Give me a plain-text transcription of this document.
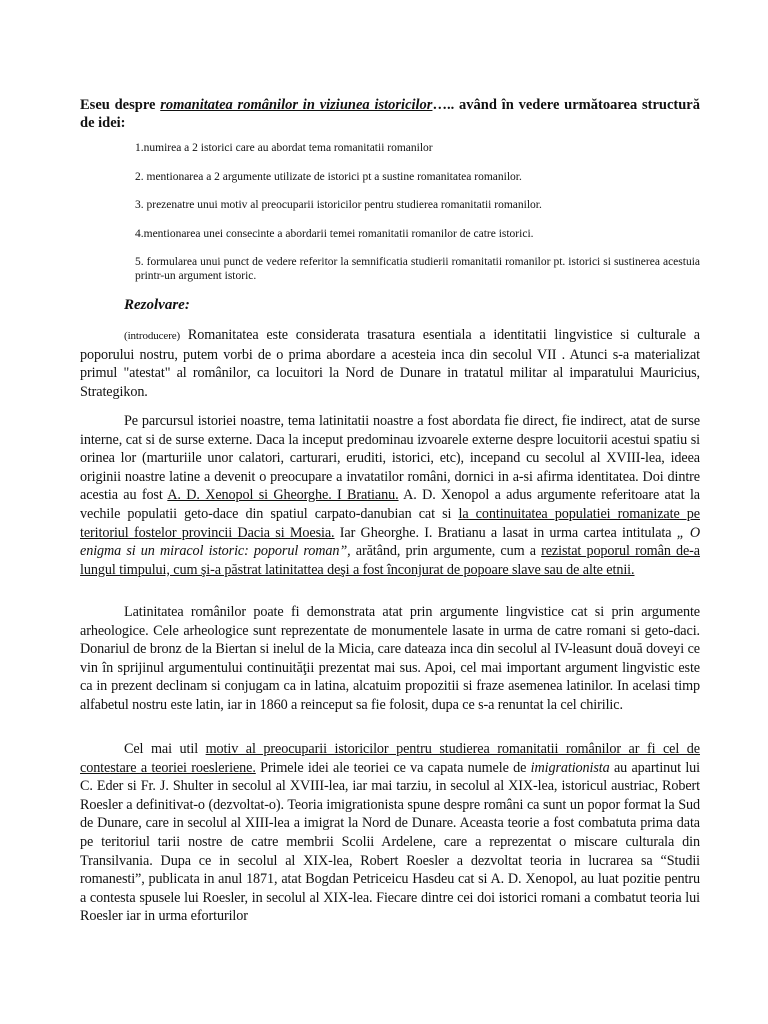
Eseu despre romanitatea românilor in viziunea istoricilor….. având în vedere următoarea structură de idei:
1.numirea a 2 istorici care au abordat tema romanitatii romanilor
2. mentionarea a 2 argumente utilizate de istorici pt a sustine romanitatea romanilor.
3. prezenatre unui motiv al preocuparii istoricilor pentru studierea romanitatii romanilor.
4.mentionarea unei consecinte a abordarii temei romanitatii romanilor de catre istorici.
5. formularea unui punct de vedere referitor la semnificatia studierii romanitatii romanilor pt. istorici si sustinerea acestuia printr-un argument istoric.
Rezolvare:
(introducere) Romanitatea este considerata trasatura esentiala a identitatii lingvistice si culturale a poporului nostru, putem vorbi de o prima abordare a acesteia inca din secolul VII . Atunci s-a materializat primul "atestat" al românilor, ca locuitori la Nord de Dunare in tratatul militar al imparatului Mauricius, Strategikon.
Pe parcursul istoriei noastre, tema latinitatii noastre a fost abordata fie direct, fie indirect, atat de surse interne, cat si de surse externe. Daca la inceput predominau izvoarele externe despre locuitorii acestui spatiu si orinea lor (marturiile unor calatori, carturari, eruditi, istorici, etc), incepand cu secolul al XVIII-lea, ideea originii noastre latine a devenit o preocupare a invatatilor români, dornici in a-si afirma identitatea. Doi dintre acestia au fost A. D. Xenopol si Gheorghe. I Bratianu. A. D. Xenopol a adus argumente referitoare atat la vechile populatii geto-dace din spatiul carpato-danubian cat si la continuitatea populatiei romanizate pe teritoriul fostelor provincii Dacia si Moesia. Iar Gheorghe. I. Bratianu a lasat in urma cartea intitulata „ O enigma si un miracol istoric: poporul roman”, arătând, prin argumente, cum a rezistat poporul român de-a lungul timpului, cum şi-a păstrat latinitattea deşi a fost înconjurat de popoare slave sau de alte etnii.
Latinitatea românilor poate fi demonstrata atat prin argumente lingvistice cat si prin argumente arheologice. Cele arheologice sunt reprezentate de monumentele lasate in urma de catre romani si geto-daci. Donariul de bronz de la Biertan si inelul de la Micia, care dateaza inca din secolul al IV-leasunt două doveyi ce vin în sprijinul argumentului continuităţii prezentat mai sus. Apoi, cel mai important argument lingvistic este ca in prezent declinam si conjugam ca in latina, alcatuim propozitii si fraze asemenea latinilor. In acelasi timp alfabetul nostru este latin, iar in 1860 a reinceput sa fie folosit, dupa ce s-a renuntat la cel chirilic.
Cel mai util motiv al preocuparii istoricilor pentru studierea romanitatii românilor ar fi cel de contestare a teoriei roesleriene. Primele idei ale teoriei ce va capata numele de imigrationista au apartinut lui C. Eder si Fr. J. Shulter in secolul al XVIII-lea, iar mai tarziu, in secolul al XIX-lea, istoricul austriac, Robert Roesler a definitivat-o (dezvoltat-o). Teoria imigrationista spune despre români ca sunt un popor format la Sud de Dunare, care in secolul al XIII-lea a imigrat la Nord de Dunare. Aceasta teorie a fost combatuta prima data pe teritoriul tarii nostre de catre membrii Scolii Ardelene, care a reprezentat o miscare culturala din Transilvania. Dupa ce in secolul al XIX-lea, Robert Roesler a dezvoltat teoria in lucrarea sa “Studii romanesti”, publicata in anul 1871, atat Bogdan Petriceicu Hasdeu cat si A. D. Xenopol, au luat pozitie pentru a contesta spusele lui Roesler, in secolul al XIX-lea. Fiecare dintre cei doi istorici romani a combatut teoria lui Roesler iar in urma eforturilor
